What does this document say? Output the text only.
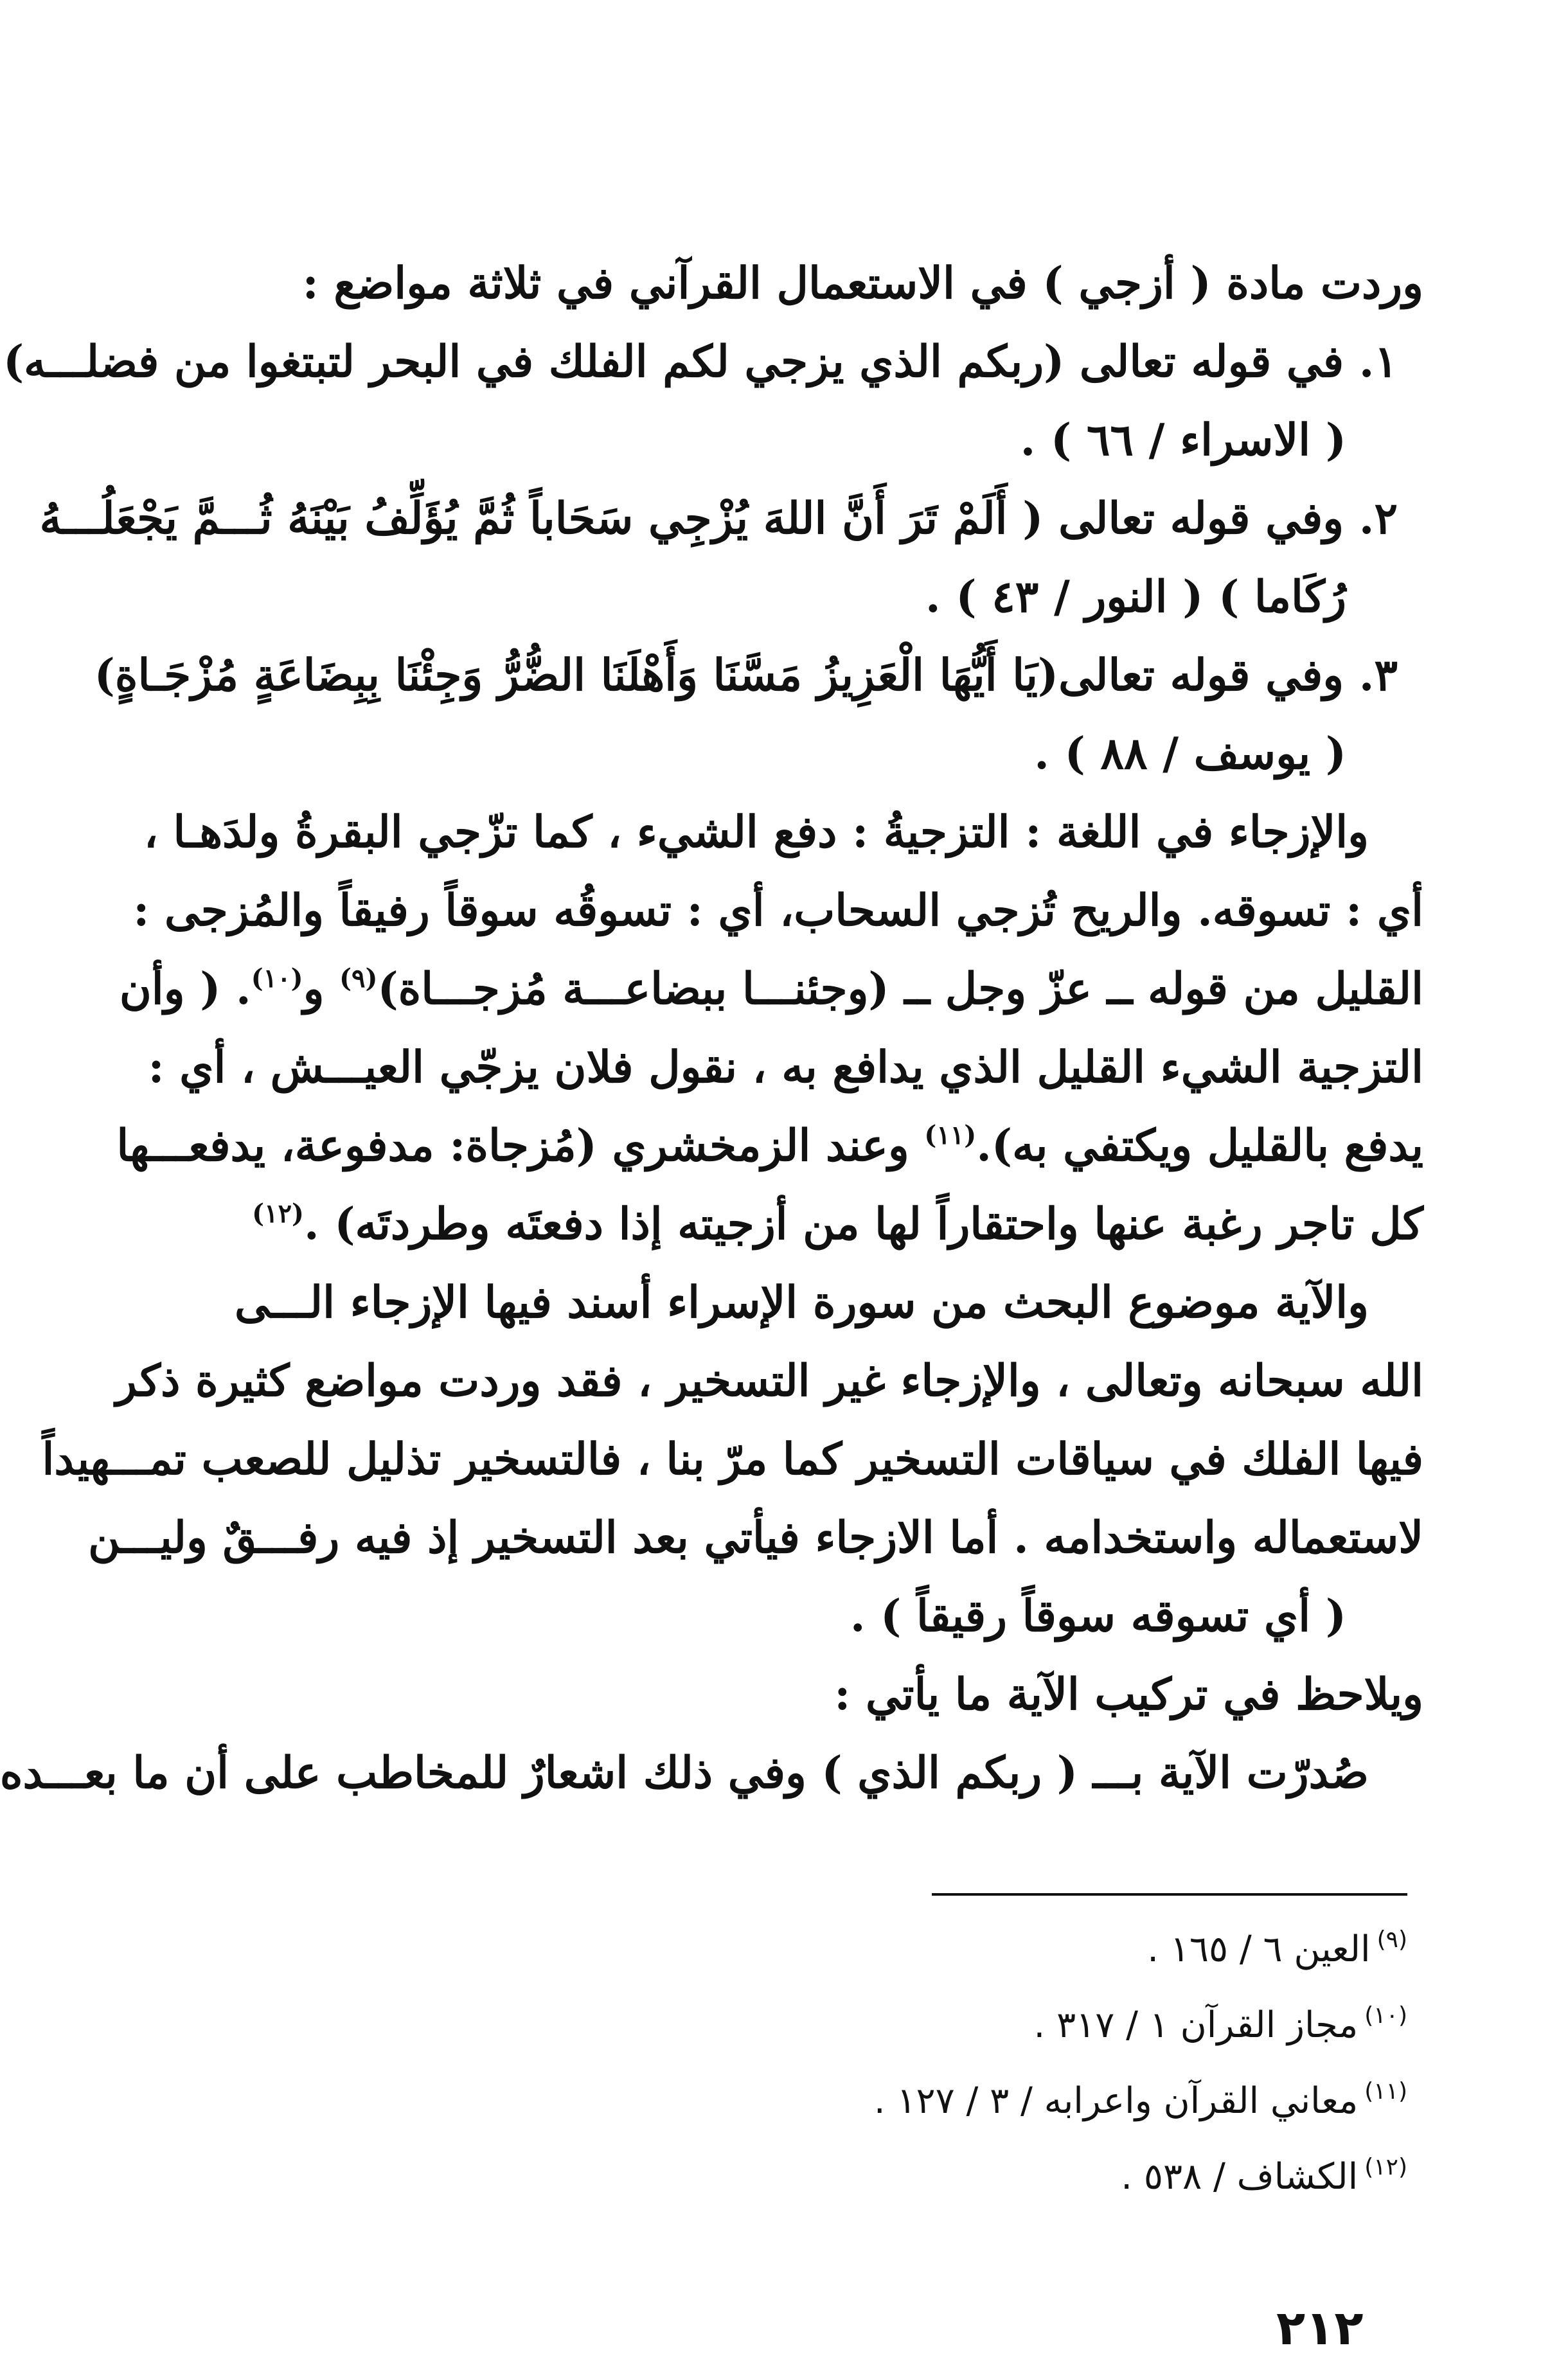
وردت مادة ( أزجي ) في الاستعمال القرآني في ثلاثة مواضع :
١. في قوله تعالى (ربكم الذي يزجي لكم الفلك في البحر لتبتغوا من فضلـــه)
( الاسراء / ٦٦ ) .
٢. وفي قوله تعالى ( أَلَمْ تَرَ أَنَّ اللهَ يُزْجِي سَحَاباً ثُمَّ يُؤَلِّفُ بَيْنَهُ ثُـــمَّ يَجْعَلُـــهُ
رُكَاما ) ( النور / ٤٣ ) .
٣. وفي قوله تعالى(يَا أَيُّهَا الْعَزِيزُ مَسَّنَا وَأَهْلَنَا الضُّرُّ وَجِئْنَا بِبِضَاعَةٍ مُزْجَـاةٍ)
( يوسف / ٨٨ ) .
والإزجاء في اللغة : التزجيةُ : دفع الشيء ، كما تزّجي البقرةُ ولدَهـا ،
أي : تسوقه. والريح تُزجي السحاب، أي : تسوقُه سوقاً رفيقاً والمُزجى :
القليل من قوله ــ عزّ وجل ــ (وجئنـــا ببضاعـــة مُزجـــاة)$^{(٩)}$ و$^{(١٠)}$. ( وأن
التزجية الشيء القليل الذي يدافع به ، نقول فلان يزجّي العيـــش ، أي :
يدفع بالقليل ويكتفي به).$^{(١١)}$ وعند الزمخشري (مُزجاة: مدفوعة، يدفعـــها
كل تاجر رغبة عنها واحتقاراً لها من أزجيته إذا دفعتَه وطردتَه) .$^{(١٢)}$
والآية موضوع البحث من سورة الإسراء أسند فيها الإزجاء الـــى
الله سبحانه وتعالى ، والإزجاء غير التسخير ، فقد وردت مواضع كثيرة ذكر
فيها الفلك في سياقات التسخير كما مرّ بنا ، فالتسخير تذليل للصعب تمـــهيداً
لاستعماله واستخدامه . أما الازجاء فيأتي بعد التسخير إذ فيه رفـــقٌ وليـــن
( أي تسوقه سوقاً رقيقاً ) .
ويلاحظ في تركيب الآية ما يأتي :
صُدرّت الآية بـــ ( ربكم الذي ) وفي ذلك اشعارٌ للمخاطب على أن ما بعـــده
$^{(٩)}$العين ٦ / ١٦٥ .
$^{(١٠)}$مجاز القرآن ١ / ٣١٧ .
$^{(١١)}$معاني القرآن واعرابه / ٣ / ١٢٧ .
$^{(١٢)}$الكشاف / ٥٣٨ .
٢١٢
